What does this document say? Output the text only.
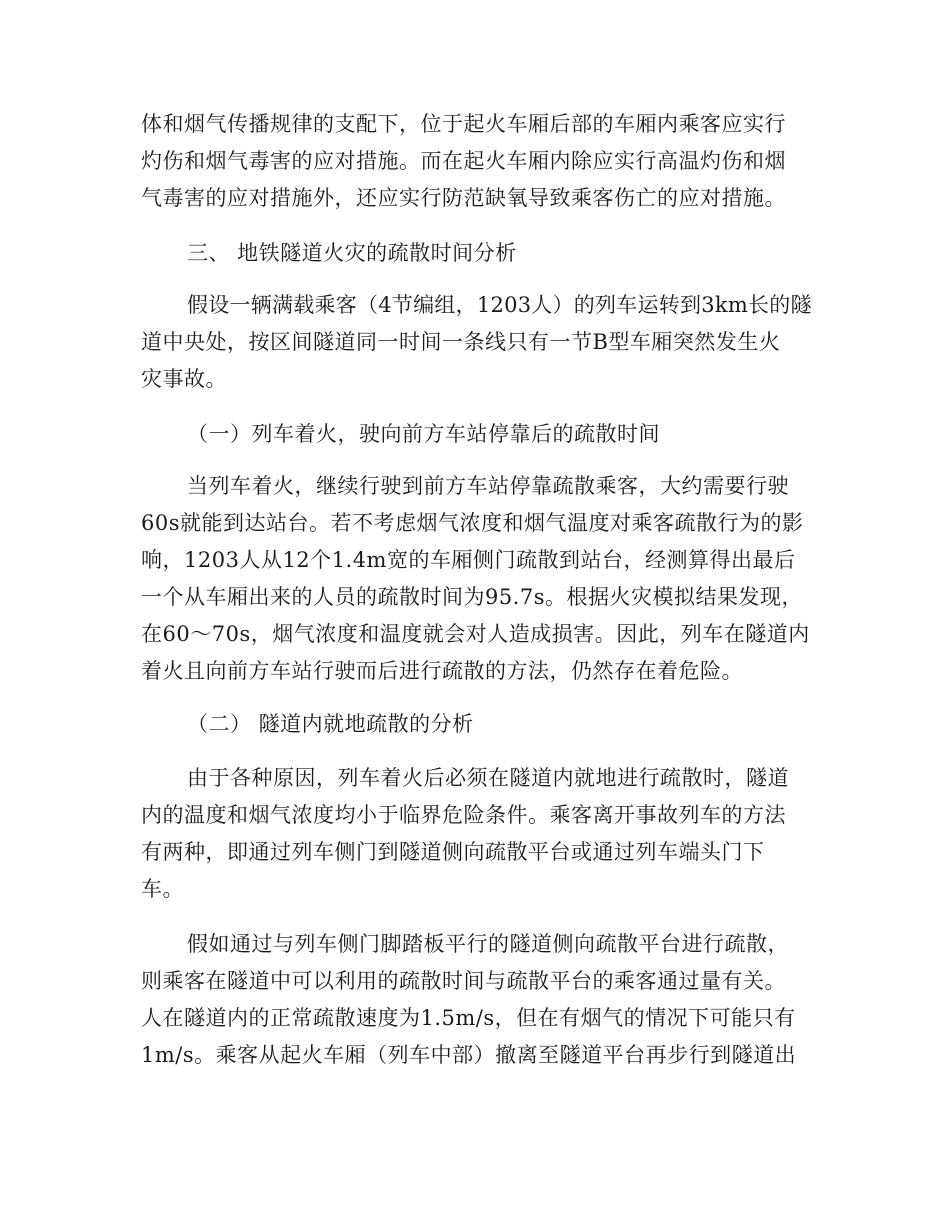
体和烟气传播规律的支配下，位于起火车厢后部的车厢内乘客应实行
灼伤和烟气毒害的应对措施。而在起火车厢内除应实行高温灼伤和烟
气毒害的应对措施外，还应实行防范缺氧导致乘客伤亡的应对措施。
三、 地铁隧道火灾的疏散时间分析
假设一辆满载乘客（4节编组，1203人）的列车运转到3km长的隧
道中央处，按区间隧道同一时间一条线只有一节B型车厢突然发生火
灾事故。
（一）列车着火，驶向前方车站停靠后的疏散时间
当列车着火，继续行驶到前方车站停靠疏散乘客，大约需要行驶
60s就能到达站台。若不考虑烟气浓度和烟气温度对乘客疏散行为的影
响，1203人从12个1.4m宽的车厢侧门疏散到站台，经测算得出最后
一个从车厢出来的人员的疏散时间为95.7s。根据火灾模拟结果发现，
在60～70s，烟气浓度和温度就会对人造成损害。因此，列车在隧道内
着火且向前方车站行驶而后进行疏散的方法，仍然存在着危险。
（二） 隧道内就地疏散的分析
由于各种原因，列车着火后必须在隧道内就地进行疏散时，隧道
内的温度和烟气浓度均小于临界危险条件。乘客离开事故列车的方法
有两种，即通过列车侧门到隧道侧向疏散平台或通过列车端头门下
车。
假如通过与列车侧门脚踏板平行的隧道侧向疏散平台进行疏散，
则乘客在隧道中可以利用的疏散时间与疏散平台的乘客通过量有关。
人在隧道内的正常疏散速度为1.5m/s，但在有烟气的情况下可能只有
1m/s。乘客从起火车厢（列车中部）撤离至隧道平台再步行到隧道出
